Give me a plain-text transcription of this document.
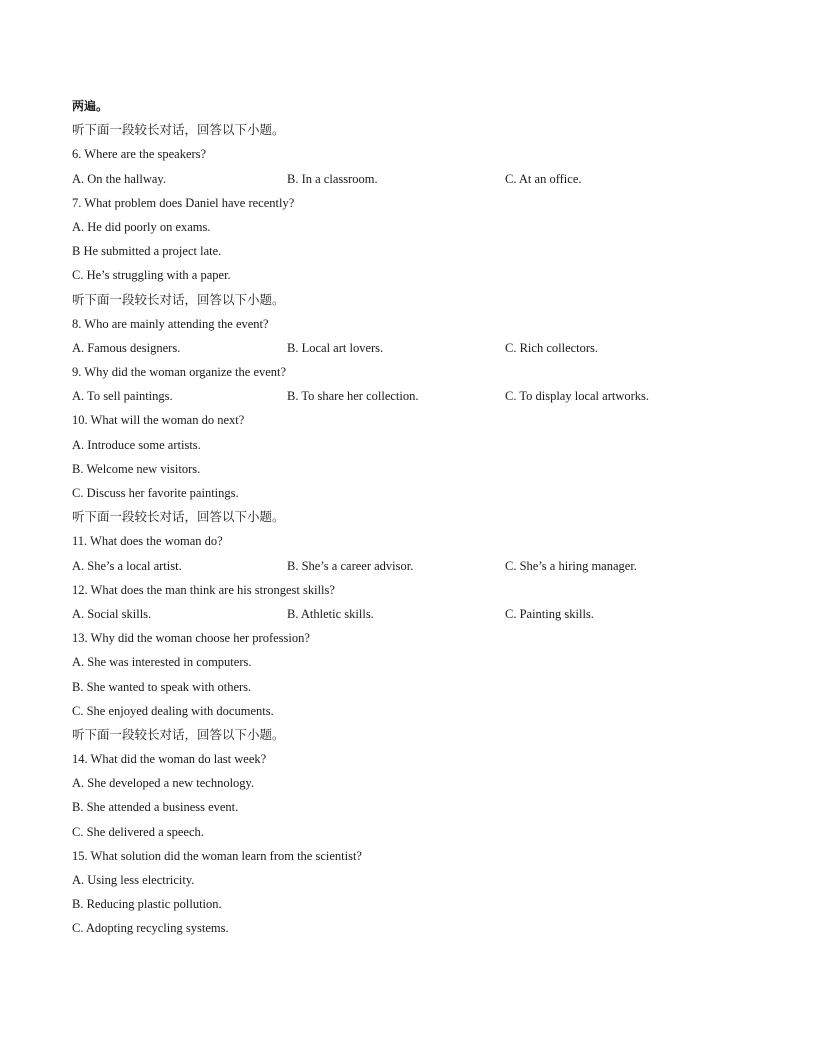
两遍。
听下面一段较长对话，回答以下小题。
6. Where are the speakers?
A. On the hallway.	B. In a classroom.	C. At an office.
7. What problem does Daniel have recently?
A. He did poorly on exams.
B He submitted a project late.
C. He’s struggling with a paper.
听下面一段较长对话，回答以下小题。
8. Who are mainly attending the event?
A. Famous designers.	B. Local art lovers.	C. Rich collectors.
9. Why did the woman organize the event?
A. To sell paintings.	B. To share her collection.	C. To display local artworks.
10. What will the woman do next?
A. Introduce some artists.
B. Welcome new visitors.
C. Discuss her favorite paintings.
听下面一段较长对话，回答以下小题。
11. What does the woman do?
A. She’s a local artist.	B. She’s a career advisor.	C. She’s a hiring manager.
12. What does the man think are his strongest skills?
A. Social skills.	B. Athletic skills.	C. Painting skills.
13. Why did the woman choose her profession?
A. She was interested in computers.
B. She wanted to speak with others.
C. She enjoyed dealing with documents.
听下面一段较长对话，回答以下小题。
14. What did the woman do last week?
A. She developed a new technology.
B. She attended a business event.
C. She delivered a speech.
15. What solution did the woman learn from the scientist?
A. Using less electricity.
B. Reducing plastic pollution.
C. Adopting recycling systems.
